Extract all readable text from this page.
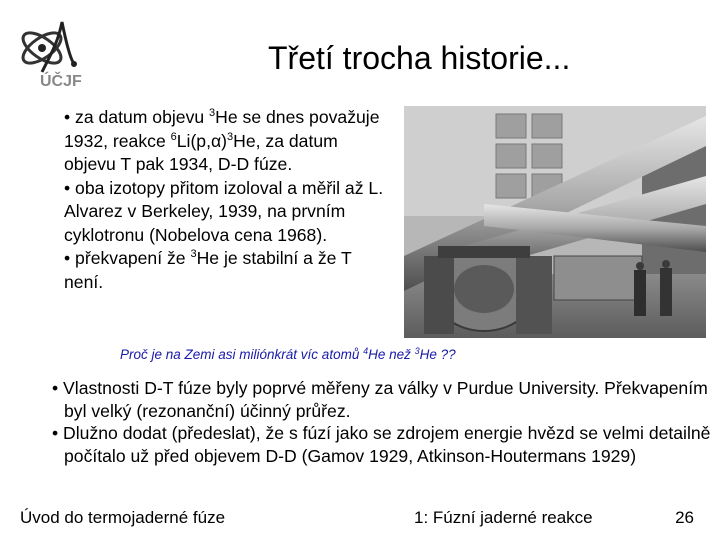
ÚČJF
Třetí trocha historie...

• za datum objevu $^3$He se dnes považuje 1932, reakce $^6Li(p,\alpha)^3He$, za datum objevu T pak 1934, D-D fúze.

• oba izotopy přitom izoloval a měřil až L. Alvarez v Berkeley, 1939, na prvním cyklotronu (Nobelova cena 1968).

• překvapení že $^3$He je stabilní a že T není.

Proč je na Zemi asi miliónkrát víc atomů $^4$He než $^3$He ??

• Vlastnosti D-T fúze byly poprvé měřeny za války v Purdue University. Překvapením byl velký (rezonanční) účinný průřez.

• Dlužno dodat (předeslat), že s fúzí jako se zdrojem energie hvězd se velmi detailně počítalo už před objevem D-D (Gamov 1929, Atkinson-Houtermans 1929)

Úvod do termojaderné fúze	1: Fúzní jaderné reakce	26
